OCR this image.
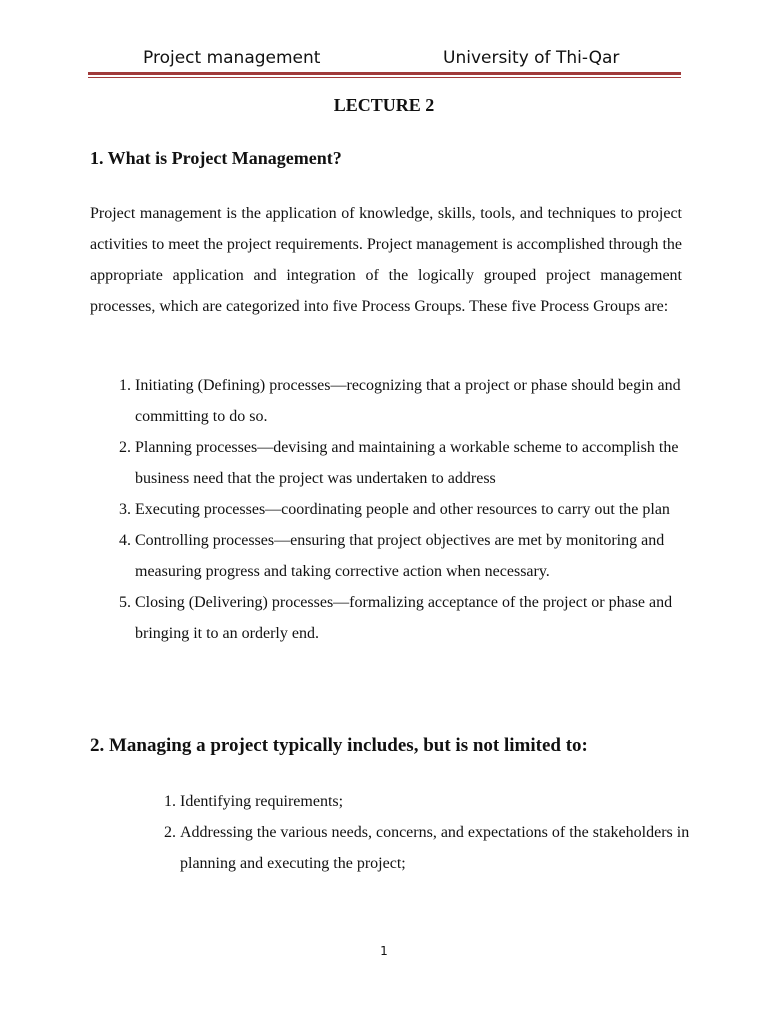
Project management	University of Thi-Qar
LECTURE 2
1. What is Project Management?
Project management is the application of knowledge, skills, tools, and techniques to project activities to meet the project requirements. Project management is accomplished through the appropriate application and integration of the logically grouped project management processes, which are categorized into five Process Groups. These five Process Groups are:
1. Initiating (Defining) processes—recognizing that a project or phase should begin and committing to do so.
2. Planning processes—devising and maintaining a workable scheme to accomplish the business need that the project was undertaken to address
3. Executing processes—coordinating people and other resources to carry out the plan
4. Controlling processes—ensuring that project objectives are met by monitoring and measuring progress and taking corrective action when necessary.
5. Closing (Delivering) processes—formalizing acceptance of the project or phase and bringing it to an orderly end.
2. Managing a project typically includes, but is not limited to:
1. Identifying requirements;
2. Addressing the various needs, concerns, and expectations of the stakeholders in planning and executing the project;
1
